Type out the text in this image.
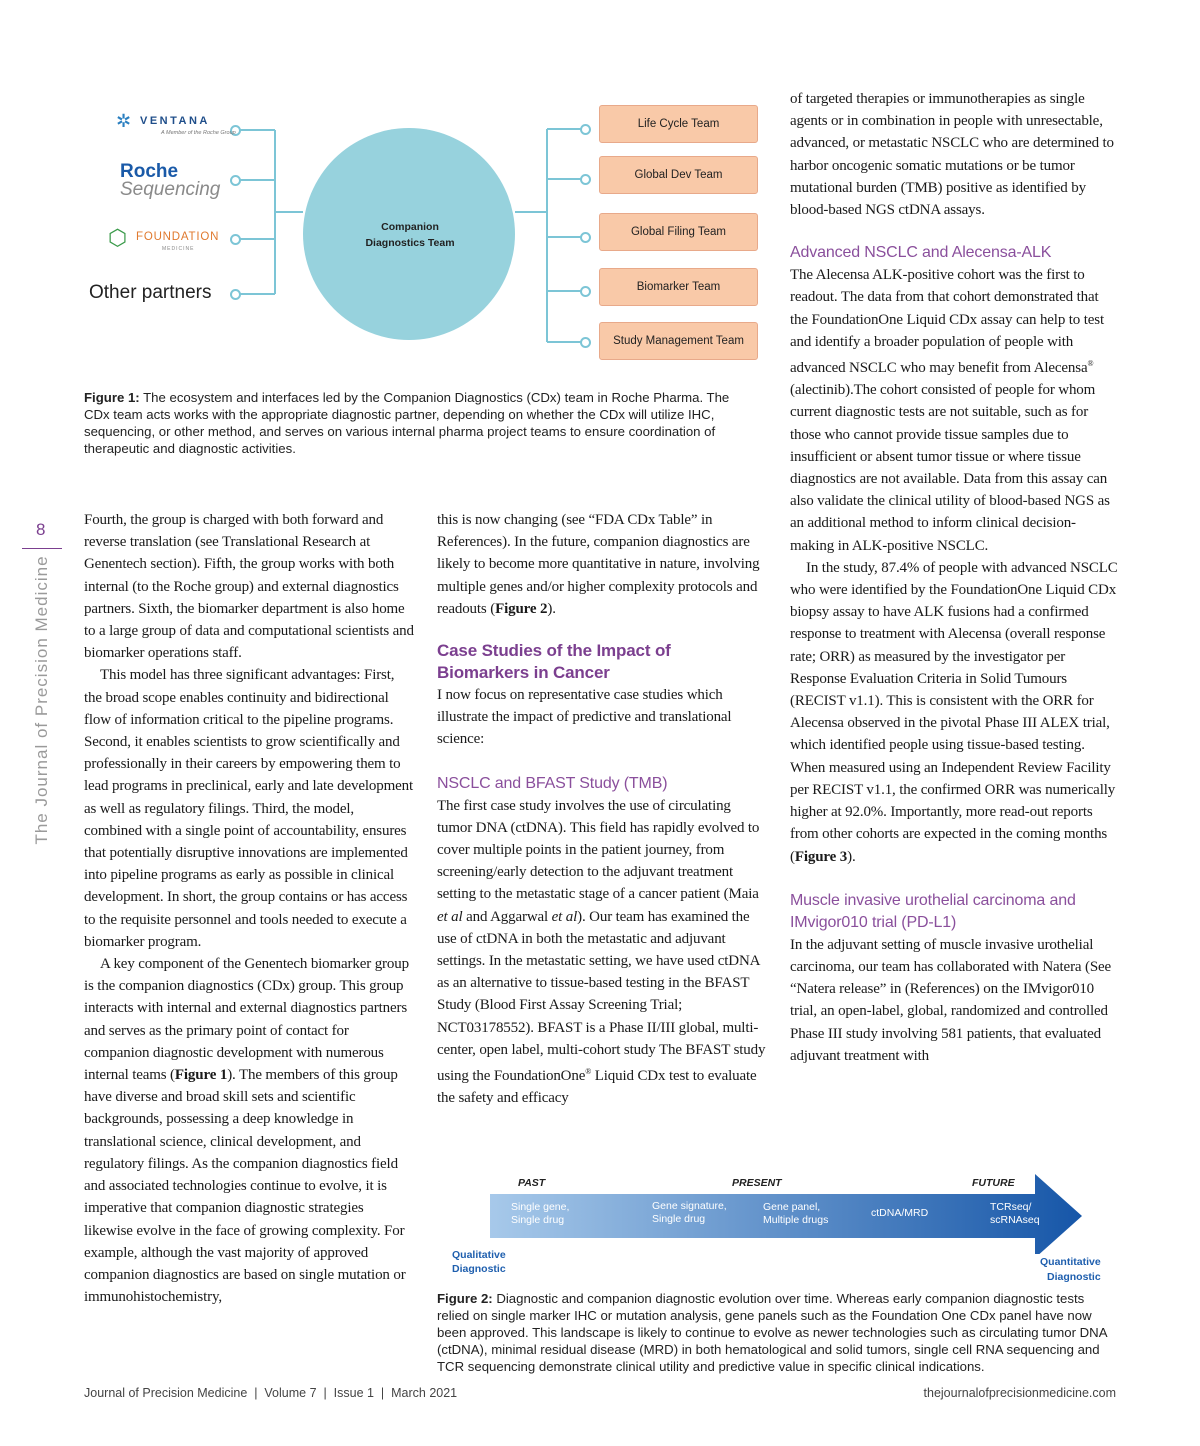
8
The Journal of Precision Medicine
Companion
Diagnostics Team
✲ VENTANA
A Member of the Roche Group
Roche
Sequencing
⬡ FOUNDATION
MEDICINE
Other partners
Life Cycle Team
Global Dev Team
Global Filing Team
Biomarker Team
Study Management Team
Figure 1: The ecosystem and interfaces led by the Companion Diagnostics (CDx) team in Roche Pharma. The CDx team acts works with the appropriate diagnostic partner, depending on whether the CDx will utilize IHC, sequencing, or other method, and serves on various internal pharma project teams to ensure coordination of therapeutic and diagnostic activities.

Fourth, the group is charged with both forward and reverse translation (see Translational Research at Genentech section). Fifth, the group works with both internal (to the Roche group) and external diagnostics partners. Sixth, the biomarker department is also home to a large group of data and computational scientists and biomarker operations staff.

This model has three significant advantages: First, the broad scope enables continuity and bidirectional flow of information critical to the pipeline programs. Second, it enables scientists to grow scientifically and professionally in their careers by empowering them to lead programs in preclinical, early and late development as well as regulatory filings. Third, the model, combined with a single point of accountability, ensures that potentially disruptive innovations are implemented into pipeline programs as early as possible in clinical development. In short, the group contains or has access to the requisite personnel and tools needed to execute a biomarker program.

A key component of the Genentech biomarker group is the companion diagnostics (CDx) group. This group interacts with internal and external diagnostics partners and serves as the primary point of contact for companion diagnostic development with numerous internal teams (Figure 1). The members of this group have diverse and broad skill sets and scientific backgrounds, possessing a deep knowledge in translational science, clinical development, and regulatory filings. As the companion diagnostics field and associated technologies continue to evolve, it is imperative that companion diagnostic strategies likewise evolve in the face of growing complexity. For example, although the vast majority of approved companion diagnostics are based on single mutation or immunohistochemistry,

this is now changing (see “FDA CDx Table” in References). In the future, companion diagnostics are likely to become more quantitative in nature, involving multiple genes and/or higher complexity protocols and readouts (Figure 2).

Case Studies of the Impact of Biomarkers in Cancer

I now focus on representative case studies which illustrate the impact of predictive and translational science:

NSCLC and BFAST Study (TMB)

The first case study involves the use of circulating tumor DNA (ctDNA). This field has rapidly evolved to cover multiple points in the patient journey, from screening/early detection to the adjuvant treatment setting to the metastatic stage of a cancer patient (Maia et al and Aggarwal et al). Our team has examined the use of ctDNA in both the metastatic and adjuvant settings. In the metastatic setting, we have used ctDNA as an alternative to tissue-based testing in the BFAST Study (Blood First Assay Screening Trial; NCT03178552). BFAST is a Phase II/III global, multi-center, open label, multi-cohort study The BFAST study using the FoundationOne® Liquid CDx test to evaluate the safety and efficacy

of targeted therapies or immunotherapies as single agents or in combination in people with unresectable, advanced, or metastatic NSCLC who are determined to harbor oncogenic somatic mutations or be tumor mutational burden (TMB) positive as identified by blood-based NGS ctDNA assays.

Advanced NSCLC and Alecensa-ALK

The Alecensa ALK-positive cohort was the first to readout. The data from that cohort demonstrated that the FoundationOne Liquid CDx assay can help to test and identify a broader population of people with advanced NSCLC who may benefit from Alecensa® (alectinib).The cohort consisted of people for whom current diagnostic tests are not suitable, such as for those who cannot provide tissue samples due to insufficient or absent tumor tissue or where tissue diagnostics are not available. Data from this assay can also validate the clinical utility of blood-based NGS as an additional method to inform clinical decision-making in ALK-positive NSCLC.

In the study, 87.4% of people with advanced NSCLC who were identified by the FoundationOne Liquid CDx biopsy assay to have ALK fusions had a confirmed response to treatment with Alecensa (overall response rate; ORR) as measured by the investigator per Response Evaluation Criteria in Solid Tumours (RECIST v1.1). This is consistent with the ORR for Alecensa observed in the pivotal Phase III ALEX trial, which identified people using tissue-based testing. When measured using an Independent Review Facility per RECIST v1.1, the confirmed ORR was numerically higher at 92.0%. Importantly, more read-out reports from other cohorts are expected in the coming months (Figure 3).

Muscle invasive urothelial carcinoma and IMvigor010 trial (PD-L1)

In the adjuvant setting of muscle invasive urothelial carcinoma, our team has collaborated with Natera (See “Natera release” in (References) on the IMvigor010 trial, an open-label, global, randomized and controlled Phase III study involving 581 patients, that evaluated adjuvant treatment with

PAST	PRESENT	FUTURE
Single gene,
Single drug
Gene signature,
Single drug
Gene panel,
Multiple drugs
ctDNA/MRD	TCRseq/
scRNAseq
Qualitative
Diagnostic
Quantitative
Diagnostic
Figure 2: Diagnostic and companion diagnostic evolution over time. Whereas early companion diagnostic tests relied on single marker IHC or mutation analysis, gene panels such as the Foundation One CDx panel have now been approved. This landscape is likely to continue to evolve as newer technologies such as circulating tumor DNA (ctDNA), minimal residual disease (MRD) in both hematological and solid tumors, single cell RNA sequencing and TCR sequencing demonstrate clinical utility and predictive value in specific clinical indications.
Journal of Precision Medicine  |  Volume 7  |  Issue 1  |  March 2021	thejournalofprecisionmedicine.com
